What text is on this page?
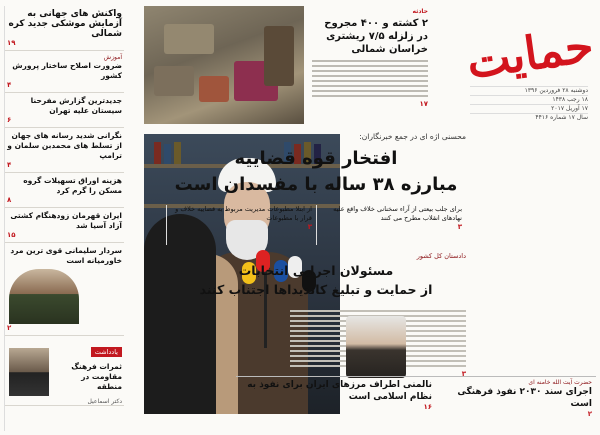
حمایت
دوشنبه ۲۸ فروردین ۱۳۹۶
۱۸ رجب ۱۴۳۸
۱۷ آوریل ۲۰۱۷
سال ۱۷ شماره ۴۴۱۶
حادثه
۲ کشته و ۴۰۰ مجروح در زلزله ۷/۵ ریشتری خراسان شمالی
۱۷
واکنش های جهانی به آزمایش موشکی جدید کره شمالی
۱۹
آموزش
ضرورت اصلاح ساختار پرورش کشور
۴
جدیدترین گزارش مفرحنا سیستان علیه تهران
۶
نگرانی شدید رسانه های جهان از تسلط های محمدبن سلمان و ترامپ
۴
هزینه اوراق تسهیلات گروه مسکن را گرم کرد
۸
ایران قهرمان زودهنگام کشتی آزاد آسیا شد
۱۵
سردار سلیمانی قوی ترین مرد خاورمیانه است
۲
یادداشت
ثمرات فرهنگ مقاومت در منطقه
دکتر اسماعیل
محسنی اژه ای در جمع خبرنگاران:
افتخار قوه قضاییه
مبارزه ۳۸ ساله با مفسدان است
برای جلب بیعتی از آراء سخنانی خلاف واقع علیه نهادهای انقلاب مطرح می کنند
۳
از ابتلا مطبوعات مدیریت مربوط به قضاییه خلاف و قرار با مطبوعات
۳
دادستان کل کشور
مسئولان اجرایی انتخابات
از حمایت و تبلیغ کاندیداها اجتناب کنند
۳
حضرت آیت الله خامنه ای
اجرای سند ۲۰۳۰ نفوذ فرهنگی است
۲
نالمنی اطراف مرزهای ایران برای نفوذ به نظام اسلامی است
۱۶
